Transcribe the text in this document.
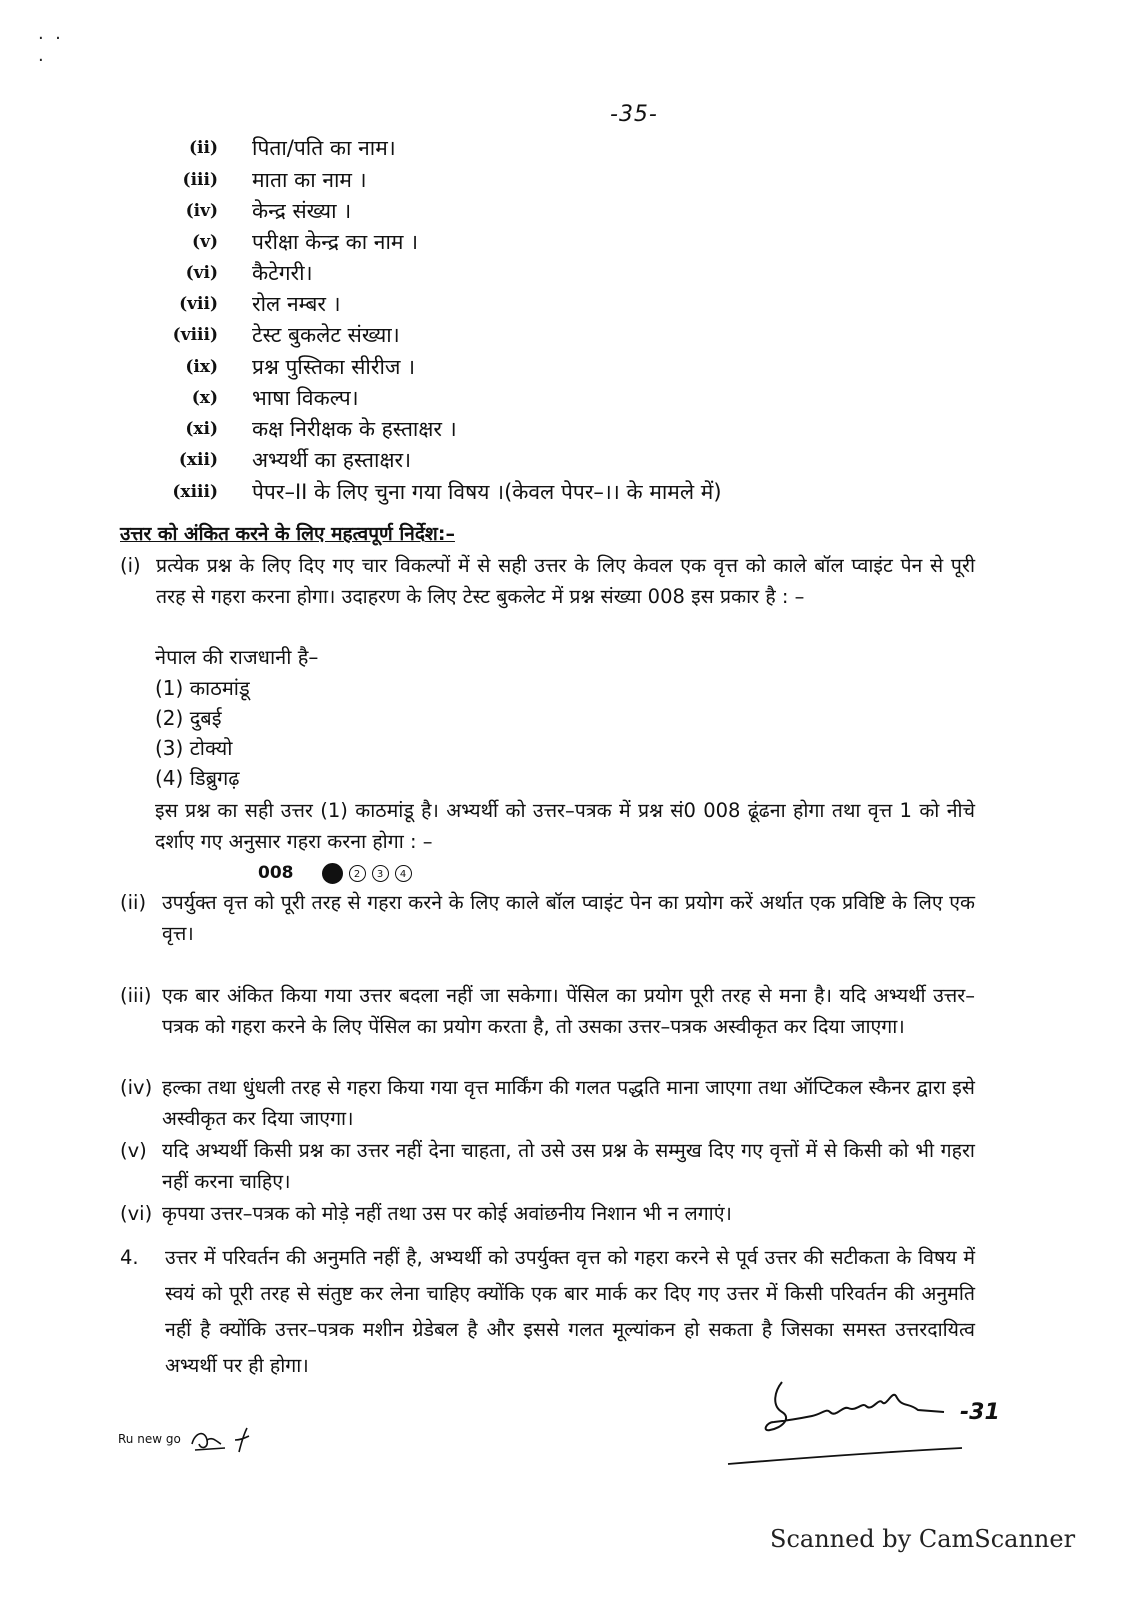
·  ·
·
-35-
(ii) पिता/पति का नाम।
(iii) माता का नाम ।
(iv) केन्द्र संख्या ।
(v) परीक्षा केन्द्र का नाम ।
(vi) कैटेगरी।
(vii) रोल नम्बर ।
(viii) टेस्ट बुकलेट संख्या।
(ix) प्रश्न पुस्तिका सीरीज ।
(x) भाषा विकल्प।
(xi) कक्ष निरीक्षक के हस्ताक्षर ।
(xii) अभ्यर्थी का हस्ताक्षर।
(xiii) पेपर–II के लिए चुना गया विषय ।(केवल पेपर–।। के मामले में)
उत्तर को अंकित करने के लिए महत्वपूर्ण निर्देश:–
(i) प्रत्येक प्रश्न के लिए दिए गए चार विकल्पों में से सही उत्तर के लिए केवल एक वृत्त को काले बॉल प्वाइंट पेन से पूरी तरह से गहरा करना होगा। उदाहरण के लिए टेस्ट बुकलेट में प्रश्न संख्या 008 इस प्रकार है : –
नेपाल की राजधानी है–
(1) काठमांडू
(2) दुबई
(3) टोक्यो
(4) डिब्रुगढ़
इस प्रश्न का सही उत्तर (1) काठमांडू है। अभ्यर्थी को उत्तर–पत्रक में प्रश्न सं0 008 ढूंढना होगा तथा वृत्त 1 को नीचे दर्शाए गए अनुसार गहरा करना होगा : –
008	2	3	4
(ii) उपर्युक्त वृत्त को पूरी तरह से गहरा करने के लिए काले बॉल प्वाइंट पेन का प्रयोग करें अर्थात एक प्रविष्टि के लिए एक वृत्त।
(iii) एक बार अंकित किया गया उत्तर बदला नहीं जा सकेगा। पेंसिल का प्रयोग पूरी तरह से मना है। यदि अभ्यर्थी उत्तर–पत्रक को गहरा करने के लिए पेंसिल का प्रयोग करता है, तो उसका उत्तर–पत्रक अस्वीकृत कर दिया जाएगा।
(iv) हल्का तथा धुंधली तरह से गहरा किया गया वृत्त मार्किंग की गलत पद्धति माना जाएगा तथा ऑप्टिकल स्कैनर द्वारा इसे अस्वीकृत कर दिया जाएगा।
(v) यदि अभ्यर्थी किसी प्रश्न का उत्तर नहीं देना चाहता, तो उसे उस प्रश्न के सम्मुख दिए गए वृत्तों में से किसी को भी गहरा नहीं करना चाहिए।
(vi) कृपया उत्तर–पत्रक को मोड़े नहीं तथा उस पर कोई अवांछनीय निशान भी न लगाएं।
4. उत्तर में परिवर्तन की अनुमति नहीं है, अभ्यर्थी को उपर्युक्त वृत्त को गहरा करने से पूर्व उत्तर की सटीकता के विषय में स्वयं को पूरी तरह से संतुष्ट कर लेना चाहिए क्योंकि एक बार मार्क कर दिए गए उत्तर में किसी परिवर्तन की अनुमति नहीं है क्योंकि उत्तर–पत्रक मशीन ग्रेडेबल है और इससे गलत मूल्यांकन हो सकता है जिसका समस्त उत्तरदायित्व अभ्यर्थी पर ही होगा।
Ru new go
-31
Scanned by CamScanner
